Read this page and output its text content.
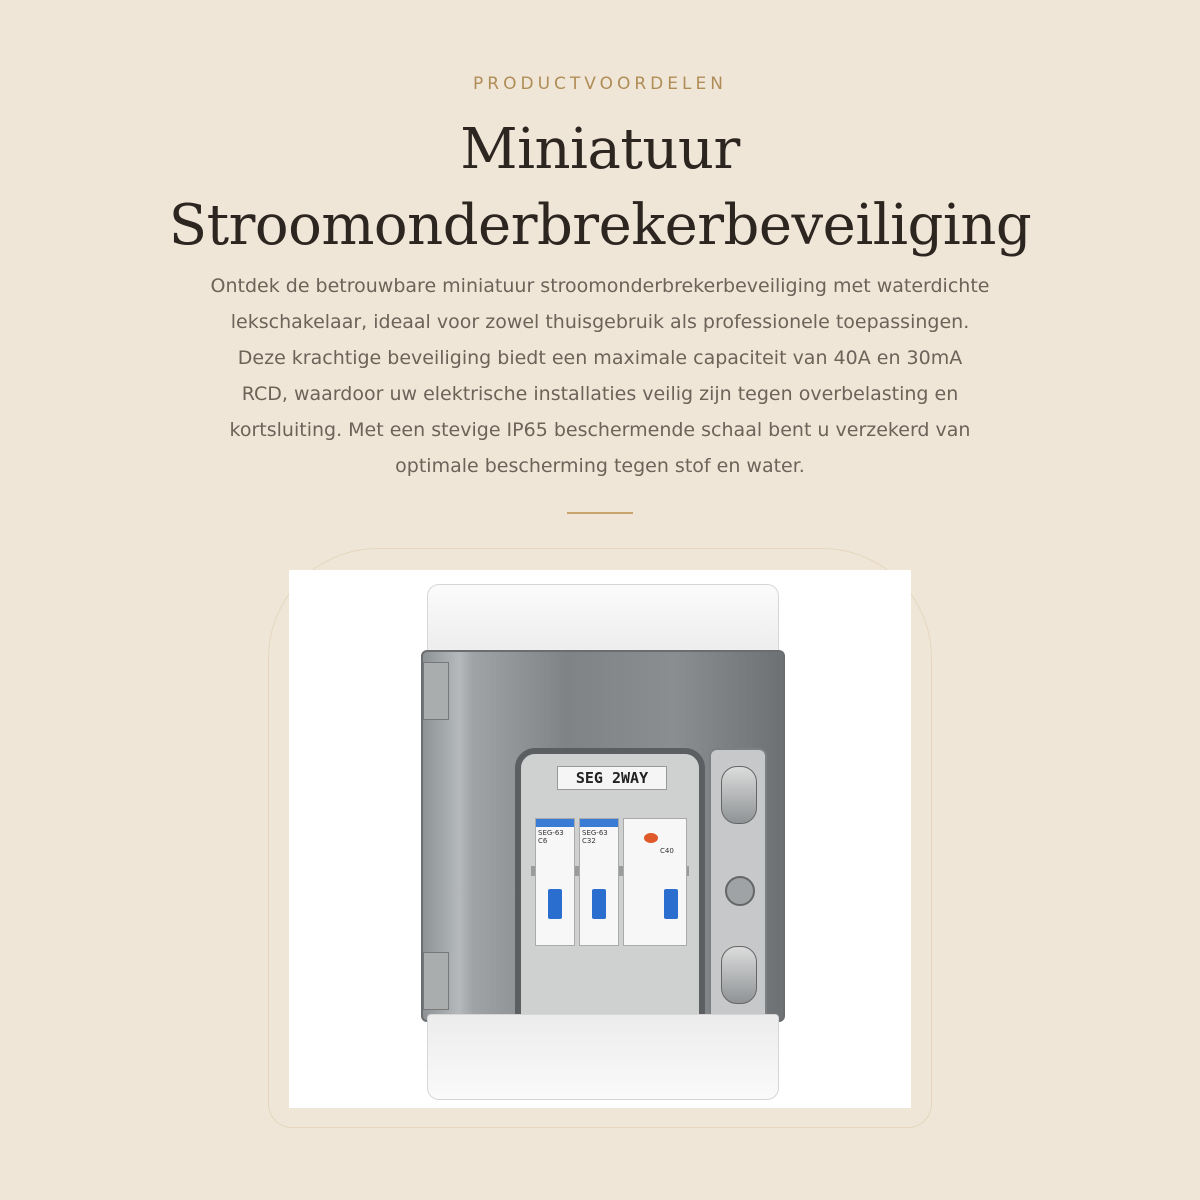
PRODUCTVOORDELEN
Miniatuur
Stroomonderbrekerbeveiliging

Ontdek de betrouwbare miniatuur stroomonderbrekerbeveiliging met waterdichte
lekschakelaar, ideaal voor zowel thuisgebruik als professionele toepassingen.
Deze krachtige beveiliging biedt een maximale capaciteit van 40A en 30mA
RCD, waardoor uw elektrische installaties veilig zijn tegen overbelasting en
kortsluiting. Met een stevige IP65 beschermende schaal bent u verzekerd van
optimale bescherming tegen stof en water.

SEG 2WAY
SEG-63 C6
SEG-63 C32
C40
